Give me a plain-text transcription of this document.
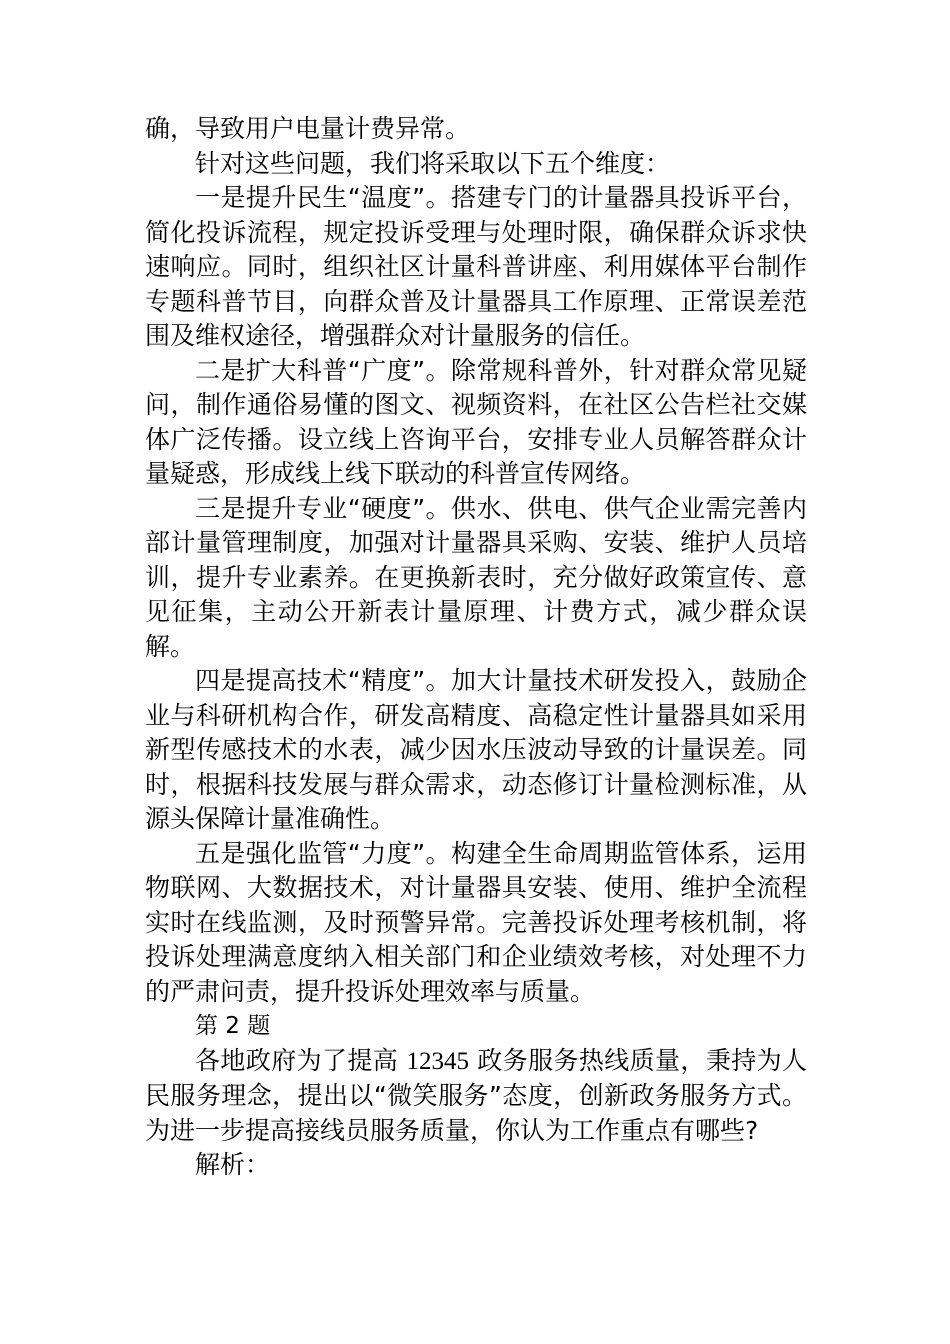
确，导致用户电量计费异常。

针对这些问题，我们将采取以下五个维度：

一是提升民生“温度”。搭建专门的计量器具投诉平台，简化投诉流程，规定投诉受理与处理时限，确保群众诉求快速响应。同时，组织社区计量科普讲座、利用媒体平台制作专题科普节目，向群众普及计量器具工作原理、正常误差范围及维权途径，增强群众对计量服务的信任。

二是扩大科普“广度”。除常规科普外，针对群众常见疑问，制作通俗易懂的图文、视频资料，在社区公告栏社交媒体广泛传播。设立线上咨询平台，安排专业人员解答群众计量疑惑，形成线上线下联动的科普宣传网络。

三是提升专业“硬度”。供水、供电、供气企业需完善内部计量管理制度，加强对计量器具采购、安装、维护人员培训，提升专业素养。在更换新表时，充分做好政策宣传、意见征集，主动公开新表计量原理、计费方式，减少群众误解。

四是提高技术“精度”。加大计量技术研发投入，鼓励企业与科研机构合作，研发高精度、高稳定性计量器具如采用新型传感技术的水表，减少因水压波动导致的计量误差。同时，根据科技发展与群众需求，动态修订计量检测标准，从源头保障计量准确性。

五是强化监管“力度”。构建全生命周期监管体系，运用物联网、大数据技术，对计量器具安装、使用、维护全流程实时在线监测，及时预警异常。完善投诉处理考核机制，将投诉处理满意度纳入相关部门和企业绩效考核，对处理不力的严肃问责，提升投诉处理效率与质量。

第 2 题

各地政府为了提高 12345 政务服务热线质量，秉持为人民服务理念，提出以“微笑服务”态度，创新政务服务方式。为进一步提高接线员服务质量，你认为工作重点有哪些?

解析：
